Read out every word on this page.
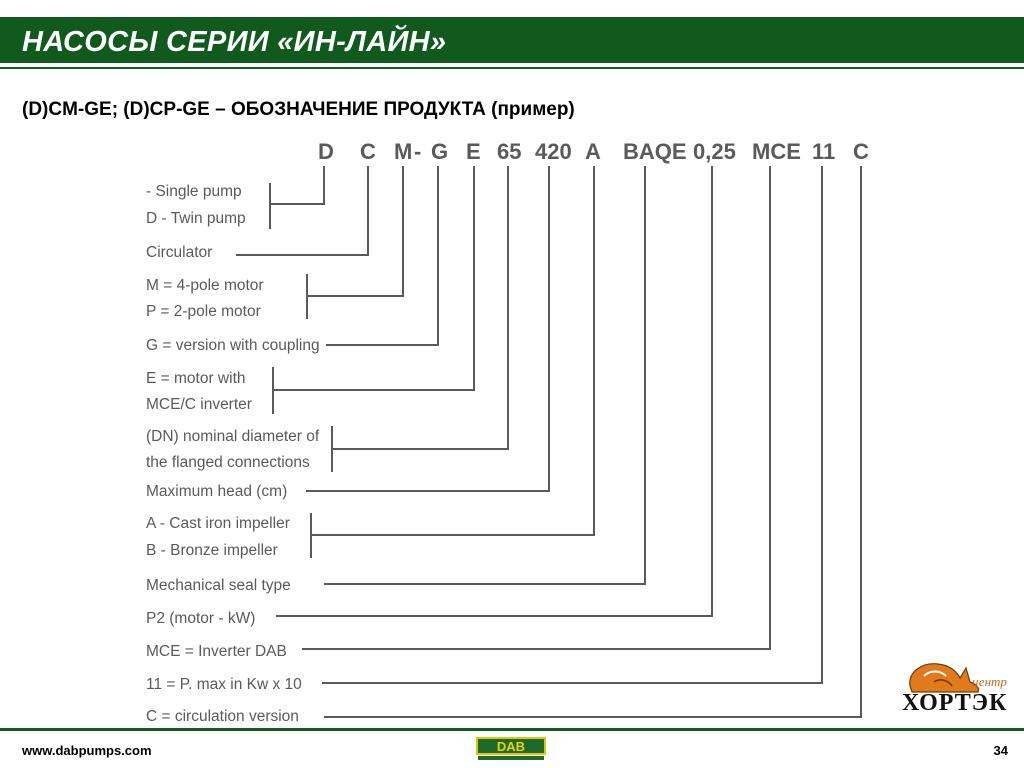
НАСОСЫ СЕРИИ «ИН-ЛАЙН»
(D)CM-GE; (D)CP-GE – ОБОЗНАЧЕНИЕ ПРОДУКТА (пример)
D C M - G E 65 420 A BAQE 0,25 MCE 11 C
- Single pump
D - Twin pump
Circulator
M = 4-pole motor
P = 2-pole motor
G = version with coupling
E = motor with
MCE/C inverter
(DN) nominal diameter of
the flanged connections
Maximum head (cm)
A - Cast iron impeller
B - Bronze impeller
Mechanical seal type
P2 (motor - kW)
MCE = Inverter DAB
11 = P. max in Kw x 10
C = circulation version
центр
ХОРТЭК
www.dabpumps.com	DAB	34
